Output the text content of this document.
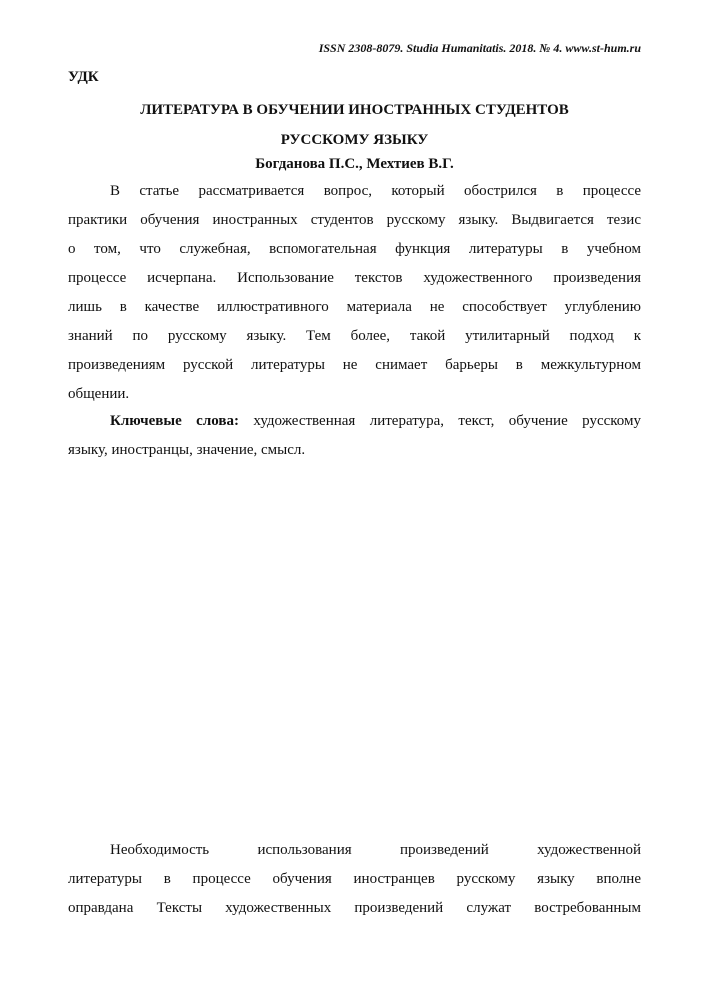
ISSN 2308-8079. Studia Humanitatis. 2018. № 4. www.st-hum.ru
УДК
ЛИТЕРАТУРА В ОБУЧЕНИИ ИНОСТРАННЫХ СТУДЕНТОВ
РУССКОМУ ЯЗЫКУ
Богданова П.С., Мехтиев В.Г.
В статье рассматривается вопрос, который обострился в процессе
практики обучения иностранных студентов русскому языку. Выдвигается тезис
о том, что служебная, вспомогательная функция литературы в учебном
процессе исчерпана. Использование текстов художественного произведения
лишь в качестве иллюстративного материала не способствует углублению
знаний по русскому языку. Тем более, такой утилитарный подход к
произведениям русской литературы не снимает барьеры в межкультурном
общении.
Ключевые слова: художественная литература, текст, обучение русскому
языку, иностранцы, значение, смысл.
Необходимость использования произведений художественной
литературы в процессе обучения иностранцев русскому языку вполне
оправдана Тексты художественных произведений служат востребованным
